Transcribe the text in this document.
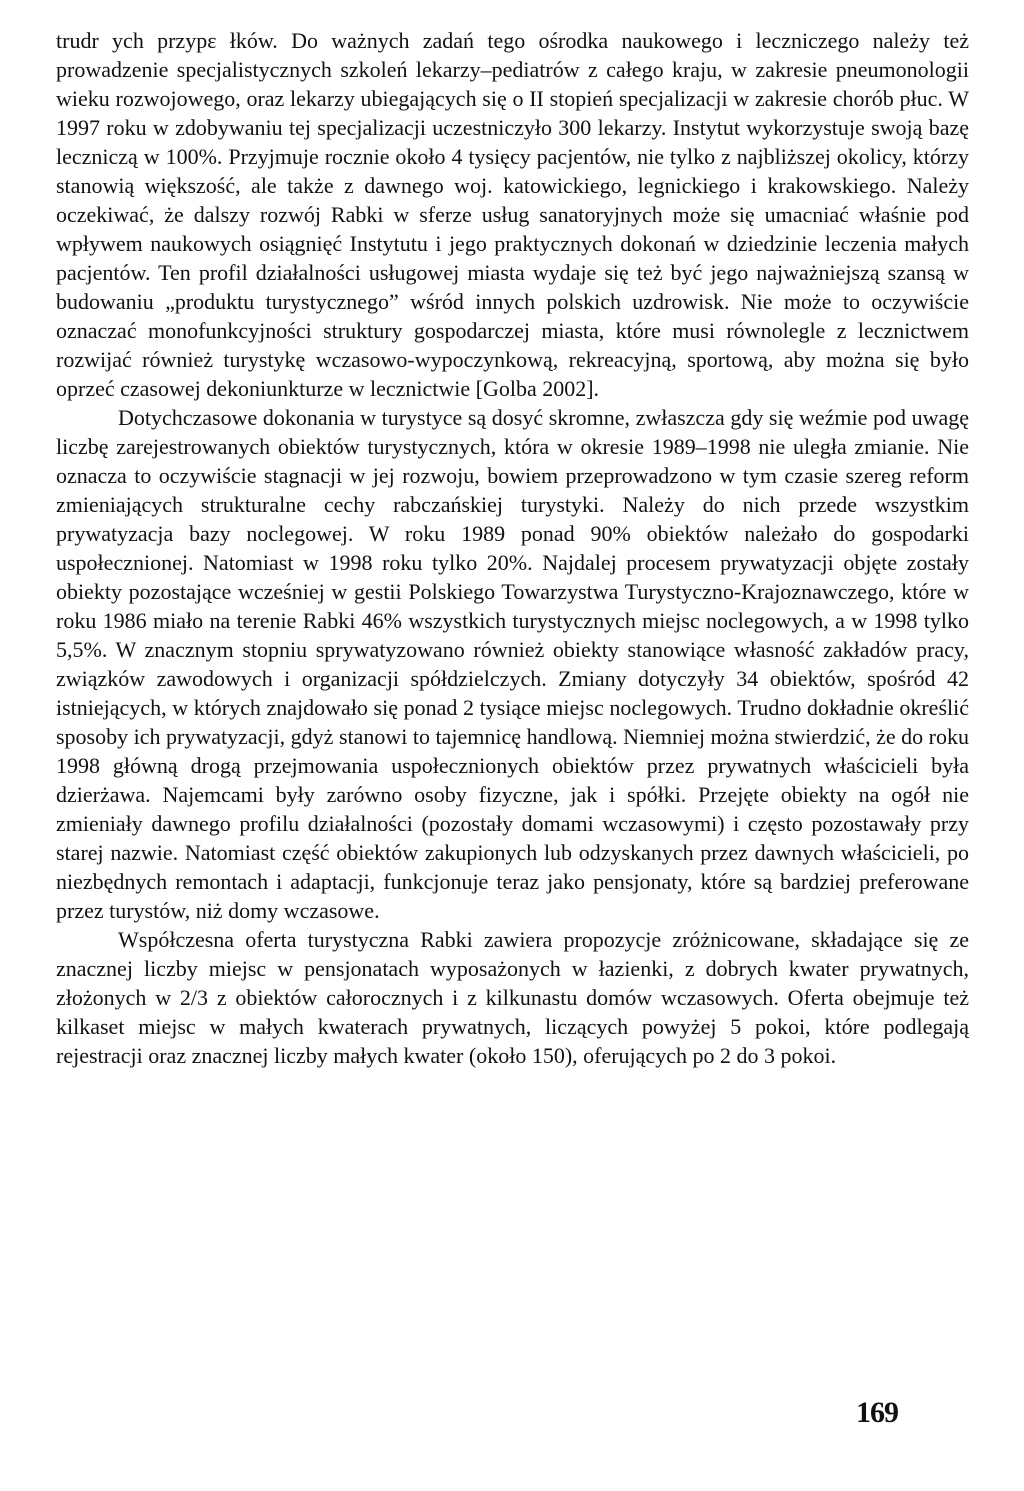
trudr ych przypε łków. Do ważnych zadań tego ośrodka naukowego i leczniczego należy też prowadzenie specjalistycznych szkoleń lekarzy–pediatrów z całego kraju, w zakresie pneumonologii wieku rozwojowego, oraz lekarzy ubiegających się o II stopień specjalizacji w zakresie chorób płuc. W 1997 roku w zdobywaniu tej specjalizacji uczestniczyło 300 lekarzy. Instytut wykorzystuje swoją bazę leczniczą w 100%. Przyjmuje rocznie około 4 tysięcy pacjentów, nie tylko z najbliższej okolicy, którzy stanowią większość, ale także z dawnego woj. katowickiego, legnickiego i krakowskiego. Należy oczekiwać, że dalszy rozwój Rabki w sferze usług sanatoryjnych może się umacniać właśnie pod wpływem naukowych osiągnięć Instytutu i jego praktycznych dokonań w dziedzinie leczenia małych pacjentów. Ten profil działalności usługowej miasta wydaje się też być jego najważniejszą szansą w budowaniu „produktu turystycznego” wśród innych polskich uzdrowisk. Nie może to oczywiście oznaczać monofunkcyjności struktury gospodarczej miasta, które musi równolegle z lecznictwem rozwijać również turystykę wczasowo-wypoczynkową, rekreacyjną, sportową, aby można się było oprzeć czasowej dekoniunkturze w lecznictwie [Golba 2002].

Dotychczasowe dokonania w turystyce są dosyć skromne, zwłaszcza gdy się weźmie pod uwagę liczbę zarejestrowanych obiektów turystycznych, która w okresie 1989–1998 nie uległa zmianie. Nie oznacza to oczywiście stagnacji w jej rozwoju, bowiem przeprowadzono w tym czasie szereg reform zmieniających strukturalne cechy rabczańskiej turystyki. Należy do nich przede wszystkim prywatyzacja bazy noclegowej. W roku 1989 ponad 90% obiektów należało do gospodarki uspołecznionej. Natomiast w 1998 roku tylko 20%. Najdalej procesem prywatyzacji objęte zostały obiekty pozostające wcześniej w gestii Polskiego Towarzystwa Turystyczno-Krajoznawczego, które w roku 1986 miało na terenie Rabki 46% wszystkich turystycznych miejsc noclegowych, a w 1998 tylko 5,5%. W znacznym stopniu sprywatyzowano również obiekty stanowiące własność zakładów pracy, związków zawodowych i organizacji spółdzielczych. Zmiany dotyczyły 34 obiektów, spośród 42 istniejących, w których znajdowało się ponad 2 tysiące miejsc noclegowych. Trudno dokładnie określić sposoby ich prywatyzacji, gdyż stanowi to tajemnicę handlową. Niemniej można stwierdzić, że do roku 1998 główną drogą przejmowania uspołecznionych obiektów przez prywatnych właścicieli była dzierżawa. Najemcami były zarówno osoby fizyczne, jak i spółki. Przejęte obiekty na ogół nie zmieniały dawnego profilu działalności (pozostały domami wczasowymi) i często pozostawały przy starej nazwie. Natomiast część obiektów zakupionych lub odzyskanych przez dawnych właścicieli, po niezbędnych remontach i adaptacji, funkcjonuje teraz jako pensjonaty, które są bardziej preferowane przez turystów, niż domy wczasowe.

Współczesna oferta turystyczna Rabki zawiera propozycje zróżnicowane, składające się ze znacznej liczby miejsc w pensjonatach wyposażonych w łazienki, z dobrych kwater prywatnych, złożonych w 2/3 z obiektów całorocznych i z kilkunastu domów wczasowych. Oferta obejmuje też kilkaset miejsc w małych kwaterach prywatnych, liczących powyżej 5 pokoi, które podlegają rejestracji oraz znacznej liczby małych kwater (około 150), oferujących po 2 do 3 pokoi.

169
